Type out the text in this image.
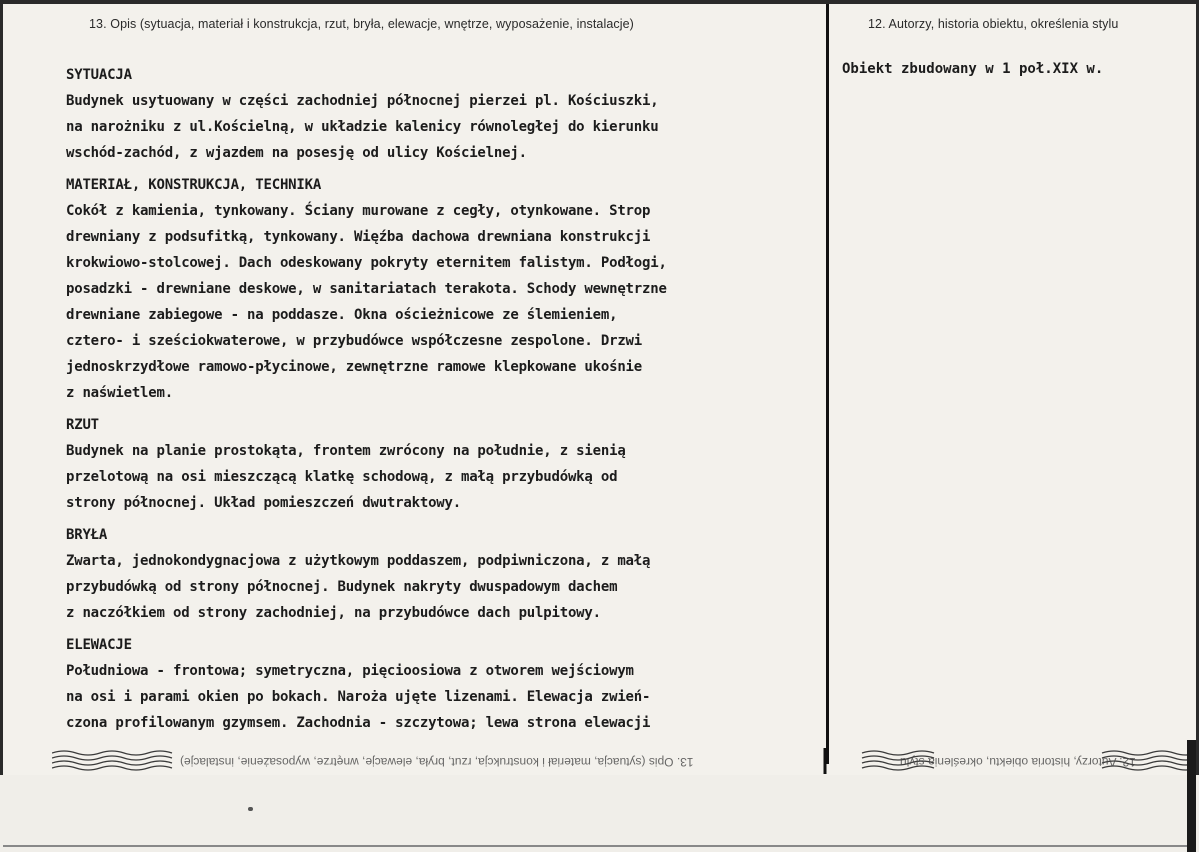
13. Opis (sytuacja, materiał i konstrukcja, rzut, bryła, elewacje, wnętrze, wyposażenie, instalacje)	12. Autorzy, historia obiektu, określenia stylu
SYTUACJA
Budynek usytuowany w części zachodniej północnej pierzei pl. Kościuszki,
na narożniku z ul.Kościelną, w układzie kalenicy równoległej do kierunku
wschód-zachód, z wjazdem na posesję od ulicy Kościelnej.
MATERIAŁ, KONSTRUKCJA, TECHNIKA
Cokół z kamienia, tynkowany. Ściany murowane z cegły, otynkowane. Strop
drewniany z podsufitką, tynkowany. Więźba dachowa drewniana konstrukcji
krokwiowo-stolcowej. Dach odeskowany pokryty eternitem falistym. Podłogi,
posadzki - drewniane deskowe, w sanitariatach terakota. Schody wewnętrzne
drewniane zabiegowe - na poddasze. Okna ościeżnicowe ze ślemieniem,
cztero- i sześciokwaterowe, w przybudówce współczesne zespolone. Drzwi
jednoskrzydłowe ramowo-płycinowe, zewnętrzne ramowe klepkowane ukośnie
z naświetlem.
RZUT
Budynek na planie prostokąta, frontem zwrócony na południe, z sienią
przelotową na osi mieszczącą klatkę schodową, z małą przybudówką od
strony północnej. Układ pomieszczeń dwutraktowy.
BRYŁA
Zwarta, jednokondygnacjowa z użytkowym poddaszem, podpiwniczona, z małą
przybudówką od strony północnej. Budynek nakryty dwuspadowym dachem
z naczółkiem od strony zachodniej, na przybudówce dach pulpitowy.
ELEWACJE
Południowa - frontowa; symetryczna, pięcioosiowa z otworem wejściowym
na osi i parami okien po bokach. Naroża ujęte lizenami. Elewacja zwień-
czona profilowanym gzymsem. Zachodnia - szczytowa; lewa strona elewacji
Obiekt zbudowany w 1 poł.XIX w.
13. Opis (sytuacja, materiał i konstrukcja, rzut, bryła, elewacje, wnętrze, wyposażenie, instalacje)	12. Autorzy, historia obiektu, określenia stylu
